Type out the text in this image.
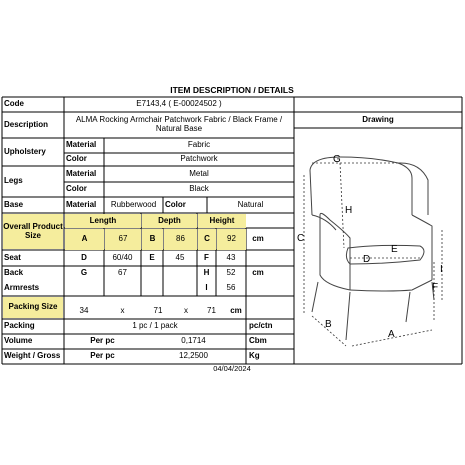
ITEM DESCRIPTION / DETAILS
Code	E7143,4 ( E-00024502 )
Drawing
Description	ALMA Rocking Armchair Patchwork Fabric / Black Frame / Natural Base
Upholstery
Material	Fabric
Color	Patchwork
Legs
Material	Metal
Color	Black
Base	Material	Rubberwood	Color	Natural
Overall Product Size
Length	Depth	Height
A	67	B	86	C	92	cm
Seat	D	60/40	E	45	F	43
Back	G	67	H	52	cm
Armrests	I	56
Packing Size	34	x	71	x	71	cm
Packing	1 pc / 1 pack	pc/ctn
Volume	Per pc	0,1714	Cbm
Weight / Gross	Per pc	12,2500	Kg
04/04/2024
G
H
C
E
D
I
F
B
A
